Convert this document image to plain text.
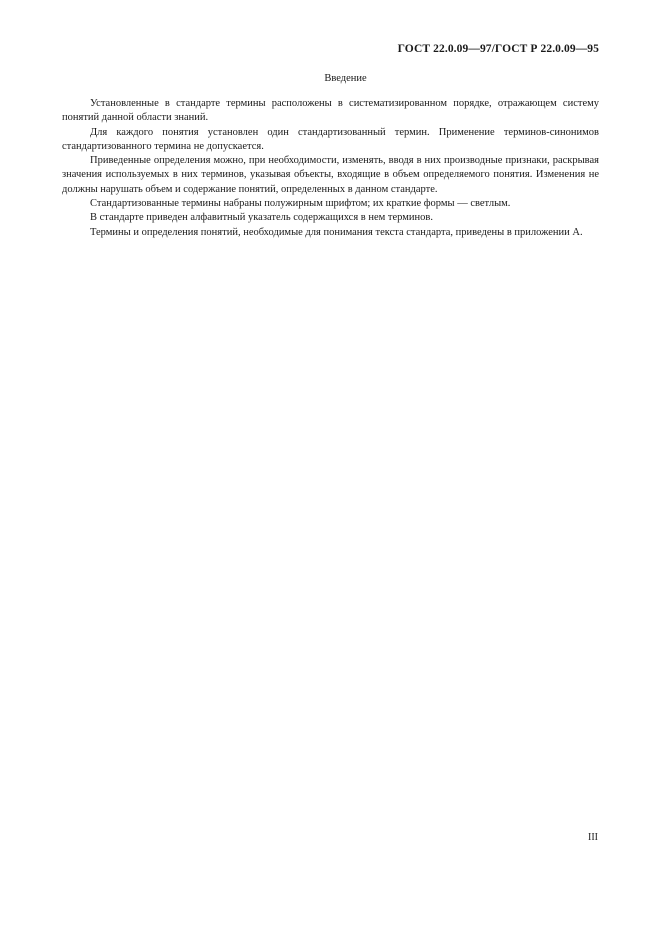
ГОСТ 22.0.09—97/ГОСТ Р 22.0.09—95
Введение

Установленные в стандарте термины расположены в систематизированном порядке, отражающем систему понятий данной области знаний.

Для каждого понятия установлен один стандартизованный термин. Применение терминов-синонимов стандартизованного термина не допускается.

Приведенные определения можно, при необходимости, изменять, вводя в них производные признаки, раскрывая значения используемых в них терминов, указывая объекты, входящие в объем определяемого понятия. Изменения не должны нарушать объем и содержание понятий, определенных в данном стандарте.

Стандартизованные термины набраны полужирным шрифтом; их краткие формы — светлым.

В стандарте приведен алфавитный указатель содержащихся в нем терминов.

Термины и определения понятий, необходимые для понимания текста стандарта, приведены в приложении А.

III
